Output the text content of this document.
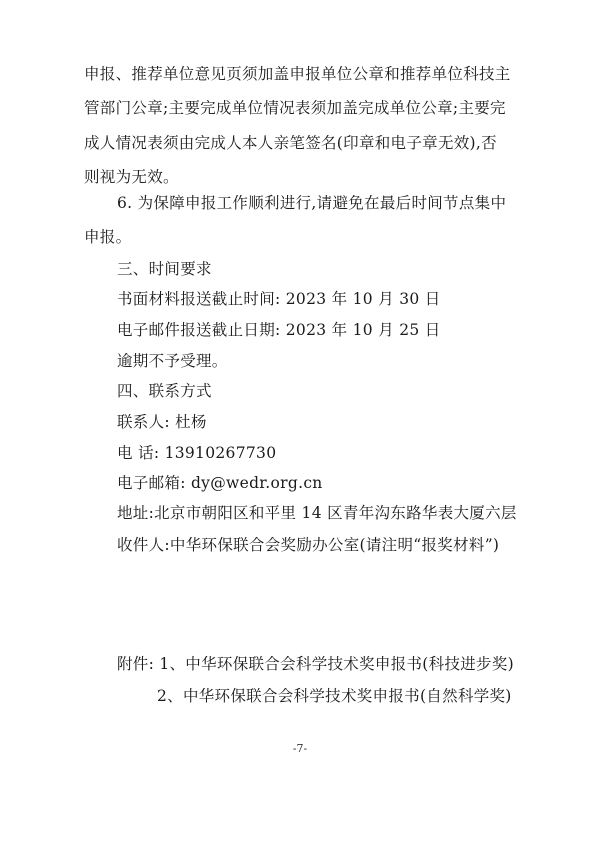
申报、推荐单位意见页须加盖申报单位公章和推荐单位科技主
管部门公章;主要完成单位情况表须加盖完成单位公章;主要完
成人情况表须由完成人本人亲笔签名(印章和电子章无效),否
则视为无效。
6. 为保障申报工作顺利进行,请避免在最后时间节点集中
申报。
三、时间要求
书面材料报送截止时间: 2023 年 10 月 30 日
电子邮件报送截止日期: 2023 年 10 月 25 日
逾期不予受理。
四、联系方式
联系人: 杜杨
电 话: 13910267730
电子邮箱: dy@wedr.org.cn
地址:北京市朝阳区和平里 14 区青年沟东路华表大厦六层
收件人:中华环保联合会奖励办公室(请注明“报奖材料”)
附件: 1、中华环保联合会科学技术奖申报书(科技进步奖)
2、中华环保联合会科学技术奖申报书(自然科学奖)
-7-
